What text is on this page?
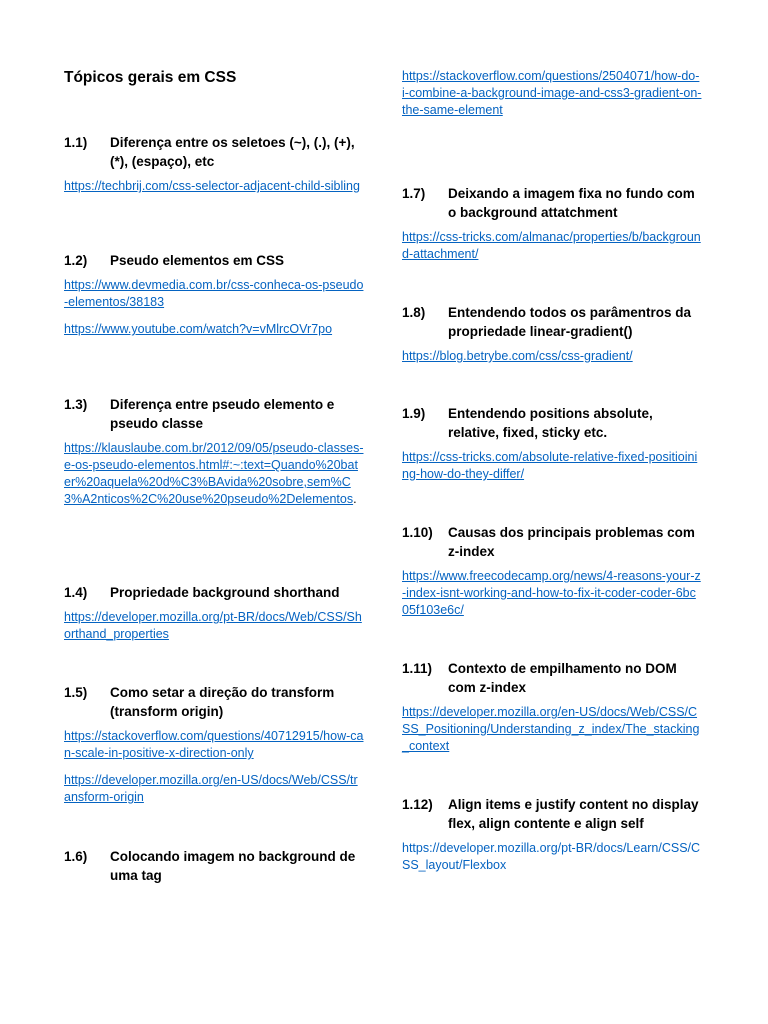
Tópicos gerais em CSS
1.1)	Diferença entre os seletoes (~), (.), (+), (*), (espaço), etc
https://techbrij.com/css-selector-adjacent-child-sibling
1.2)	Pseudo elementos em CSS
https://www.devmedia.com.br/css-conheca-os-pseudo-elementos/38183
https://www.youtube.com/watch?v=vMlrcOVr7po
1.3)	Diferença entre pseudo elemento e pseudo classe
https://klauslaube.com.br/2012/09/05/pseudo-classes-e-os-pseudo-elementos.html#:~:text=Quando%20bater%20aquela%20d%C3%BAvida%20sobre,sem%C3%A2nticos%2C%20use%20pseudo%2Delementos.
1.4)	Propriedade background shorthand
https://developer.mozilla.org/pt-BR/docs/Web/CSS/Shorthand_properties
1.5)	Como setar a direção do transform (transform origin)
https://stackoverflow.com/questions/40712915/how-can-scale-in-positive-x-direction-only
https://developer.mozilla.org/en-US/docs/Web/CSS/transform-origin
1.6)	Colocando imagem no background de uma tag
https://stackoverflow.com/questions/2504071/how-do-i-combine-a-background-image-and-css3-gradient-on-the-same-element
1.7)	Deixando a imagem fixa no fundo com o background attatchment
https://css-tricks.com/almanac/properties/b/background-attachment/
1.8)	Entendendo todos os parâmentros da propriedade linear-gradient()
https://blog.betrybe.com/css/css-gradient/
1.9)	Entendendo positions absolute, relative, fixed, sticky etc.
https://css-tricks.com/absolute-relative-fixed-positioining-how-do-they-differ/
1.10)	Causas dos principais problemas com z-index
https://www.freecodecamp.org/news/4-reasons-your-z-index-isnt-working-and-how-to-fix-it-coder-coder-6bc05f103e6c/
1.11)	Contexto de empilhamento no DOM com z-index
https://developer.mozilla.org/en-US/docs/Web/CSS/CSS_Positioning/Understanding_z_index/The_stacking_context
1.12)	Align items e justify content no display flex, align contente e align self
https://developer.mozilla.org/pt-BR/docs/Learn/CSS/CSS_layout/Flexbox
